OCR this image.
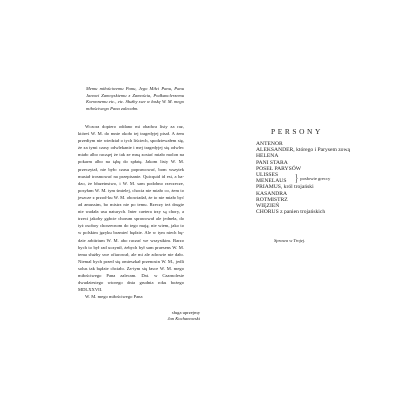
Memu miłościwemu Panu, Jego Miłci Panu, Panu Janowi Zamoyskiemu z Zamościa, Podkanclerzemu Koronnemu etc., etc. Służby swe w łaskę W. M. mego miłościwego Pana zalecałm.

Wczora dopiero oddano mi obadwa listy za raz, któreś W. M. do mnie około tej tragedyjej pisał. A żem przedtym nie wiedział o tych liściech, spodziewałem się, że za tymi czasy odwlekanie i mej tragedyjej się odwlec miało albo racząej że tak ze mną zostać miało molon na pokarm albo na tąbę do spłatę. Jakom listy W. M. przeczytał, nie było czasu poprawować, bom wszytek musiał trosmować na przepisanie. Quicquid id est, a ba-dzo, że błazeinstwo, i W. M. sam podobno rzeczecze, posyłam W. M. tym śmielej, chocia nie miało co, żem to jeszcze z przod-ku W. M. obowiadał, że to nie miało być ad amussim, bo mistrz nie po temu. Rzeczy też drugie nie wadała usu naturych. Inter caetera trzy są chory, a trzeci jakoby gębcie chorum sprawował ale jedneła, do tyż osoboy chorzecnom do tego mają; nie wiem, jako to w polskim języku brzmieć będzie. Ale w tym niech bę-dzie arbitrium W. M. abo raczać we wszystkim. Barzo bych to był rad uczynił, żebych był sam praesens W. M. tema służby swe ofiarował, ale mi ale zdrowie nie dało. Niemal bych przed się omieszkał przenosin W. M., jedli solus tak będzie chciało. Za-tym się łasce W. M. mego miłościwego Pana zalecam. Dat. w Czarnolesie dwudziestego wtorego dnia grudnia roku bożego MDLXXVII.

W. M. mego miłościwego Pana

sługa uprzejmy
Jan Kochanowski
PERSONY
ANTENOR
ALEKSANDER, którego i Parysem zową
HELENA
PANI STARA
POSEŁ PARYSÓW
ULISSES
MENELAUS } posłowie greccy
PRIAMUS, król trojański
KASANDRA
ROTMISTRZ
WIĘZIEŃ
CHORUS z panien trojańskich
Sprawa w Trojej.
